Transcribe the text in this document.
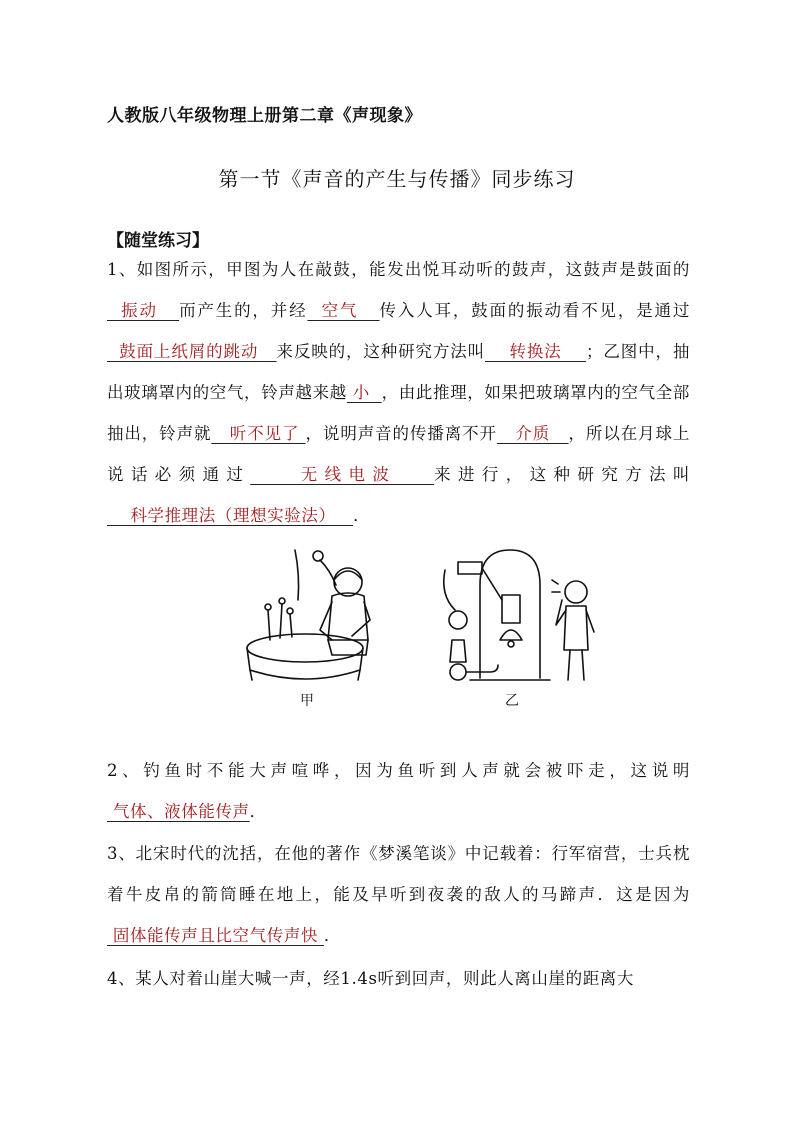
人教版八年级物理上册第二章《声现象》
第一节《声音的产生与传播》同步练习
【随堂练习】
1、如图所示，甲图为人在敲鼓，能发出悦耳动听的鼓声，这鼓声是鼓面的  振动   而产生的，并经  空气   传入人耳，鼓面的振动看不见，是通过  鼓面上纸屑的跳动   来反映的，这种研究方法叫    转换法    ；乙图中，抽出玻璃罩内的空气，铃声越来越 小  ，由此推理，如果把玻璃罩内的空气全部抽出，铃声就   听不见了 ，说明声音的传播离不开   介质   ，所以在月球上说话必须通过    无线电波   来进行，这种研究方法叫    科学推理法（理想实验法）   ．
甲	乙
2、钓鱼时不能大声喧哗，因为鱼听到人声就会被吓走，这说明 气体、液体能传声．
3、北宋时代的沈括，在他的著作《梦溪笔谈》中记载着：行军宿营，士兵枕着牛皮帛的箭筒睡在地上，能及早听到夜袭的敌人的马蹄声．这是因为 固体能传声且比空气传声快 ．
4、某人对着山崖大喊一声，经1.4s听到回声，则此人离山崖的距离大
